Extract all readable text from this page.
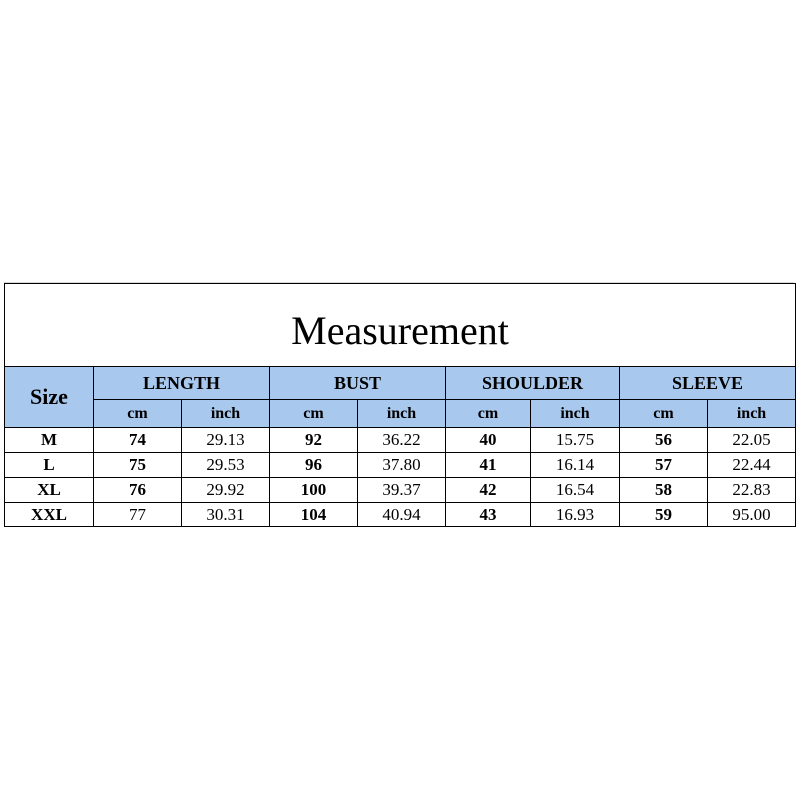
Measurement								
Size	LENGTH		BUST		SHOULDER		SLEEVE	
	cm	inch	cm	inch	cm	inch	cm	inch
M	74	29.13	92	36.22	40	15.75	56	22.05
L	75	29.53	96	37.80	41	16.14	57	22.44
XL	76	29.92	100	39.37	42	16.54	58	22.83
XXL	77	30.31	104	40.94	43	16.93	59	95.00
